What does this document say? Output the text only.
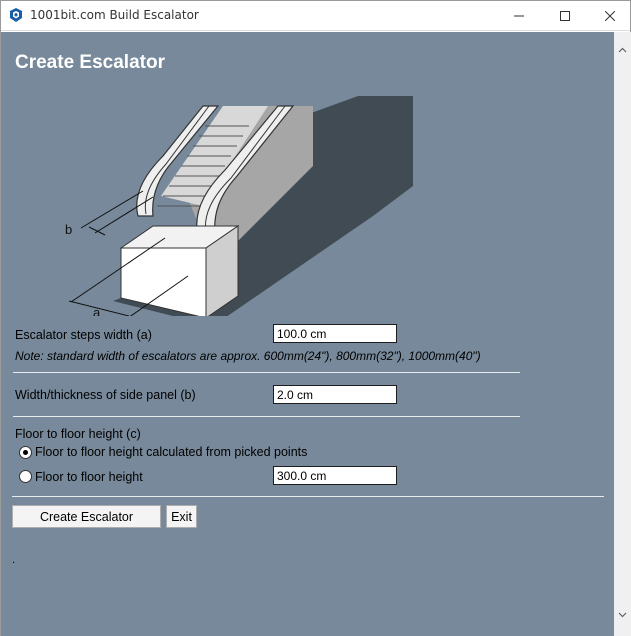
1001bit.com Build Escalator
Create Escalator
b
a
Escalator steps width (a)
100.0 cm
Note: standard width of escalators are approx. 600mm(24"), 800mm(32"), 1000mm(40")
Width/thickness of side panel (b)
2.0 cm
Floor to floor height (c)
Floor to floor height calculated from picked points
Floor to floor height
300.0 cm
Create Escalator	Exit
.
